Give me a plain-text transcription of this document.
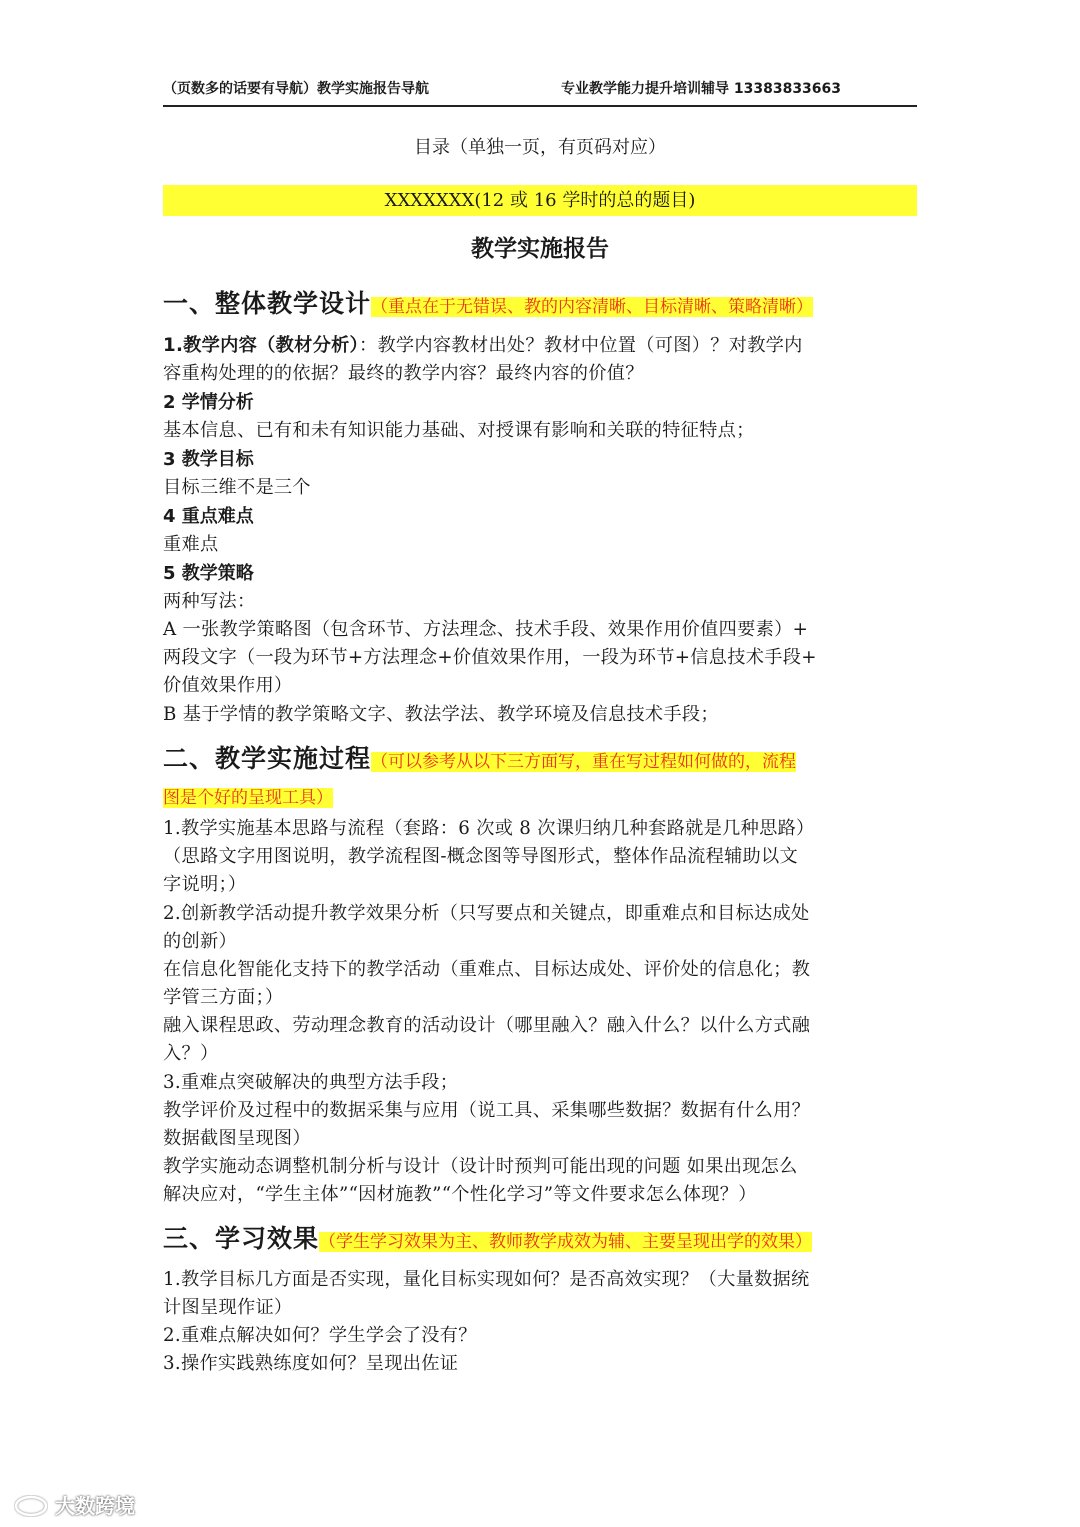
（页数多的话要有导航）教学实施报告导航	专业教学能力提升培训辅导 13383833663
目录（单独一页，有页码对应）
XXXXXXX(12 或 16 学时的总的题目)
教学实施报告
一、整体教学设计（重点在于无错误、教的内容清晰、目标清晰、策略清晰）
1.教学内容（教材分析）：教学内容教材出处？教材中位置（可图）？对教学内
容重构处理的的依据？最终的教学内容？最终内容的价值？
2 学情分析
基本信息、已有和未有知识能力基础、对授课有影响和关联的特征特点；
3 教学目标
目标三维不是三个
4 重点难点
重难点
5 教学策略
两种写法：
A 一张教学策略图（包含环节、方法理念、技术手段、效果作用价值四要素）+
两段文字（一段为环节+方法理念+价值效果作用，一段为环节+信息技术手段+
价值效果作用）
B 基于学情的教学策略文字、教法学法、教学环境及信息技术手段；
二、教学实施过程（可以参考从以下三方面写，重在写过程如何做的，流程
图是个好的呈现工具）
1.教学实施基本思路与流程（套路：6 次或 8 次课归纳几种套路就是几种思路）
（思路文字用图说明，教学流程图-概念图等导图形式，整体作品流程辅助以文
字说明；）
2.创新教学活动提升教学效果分析（只写要点和关键点，即重难点和目标达成处
的创新）
在信息化智能化支持下的教学活动（重难点、目标达成处、评价处的信息化；教
学管三方面；）
融入课程思政、劳动理念教育的活动设计（哪里融入？融入什么？以什么方式融
入？）
3.重难点突破解决的典型方法手段；
教学评价及过程中的数据采集与应用（说工具、采集哪些数据？数据有什么用？
数据截图呈现图）
教学实施动态调整机制分析与设计（设计时预判可能出现的问题 如果出现怎么
解决应对，“学生主体”“因材施教”“个性化学习”等文件要求怎么体现？）
三、学习效果（学生学习效果为主、教师教学成效为辅、主要呈现出学的效果）
1.教学目标几方面是否实现，量化目标实现如何？是否高效实现？（大量数据统
计图呈现作证）
2.重难点解决如何？学生学会了没有？
3.操作实践熟练度如何？呈现出佐证
大数跨境
